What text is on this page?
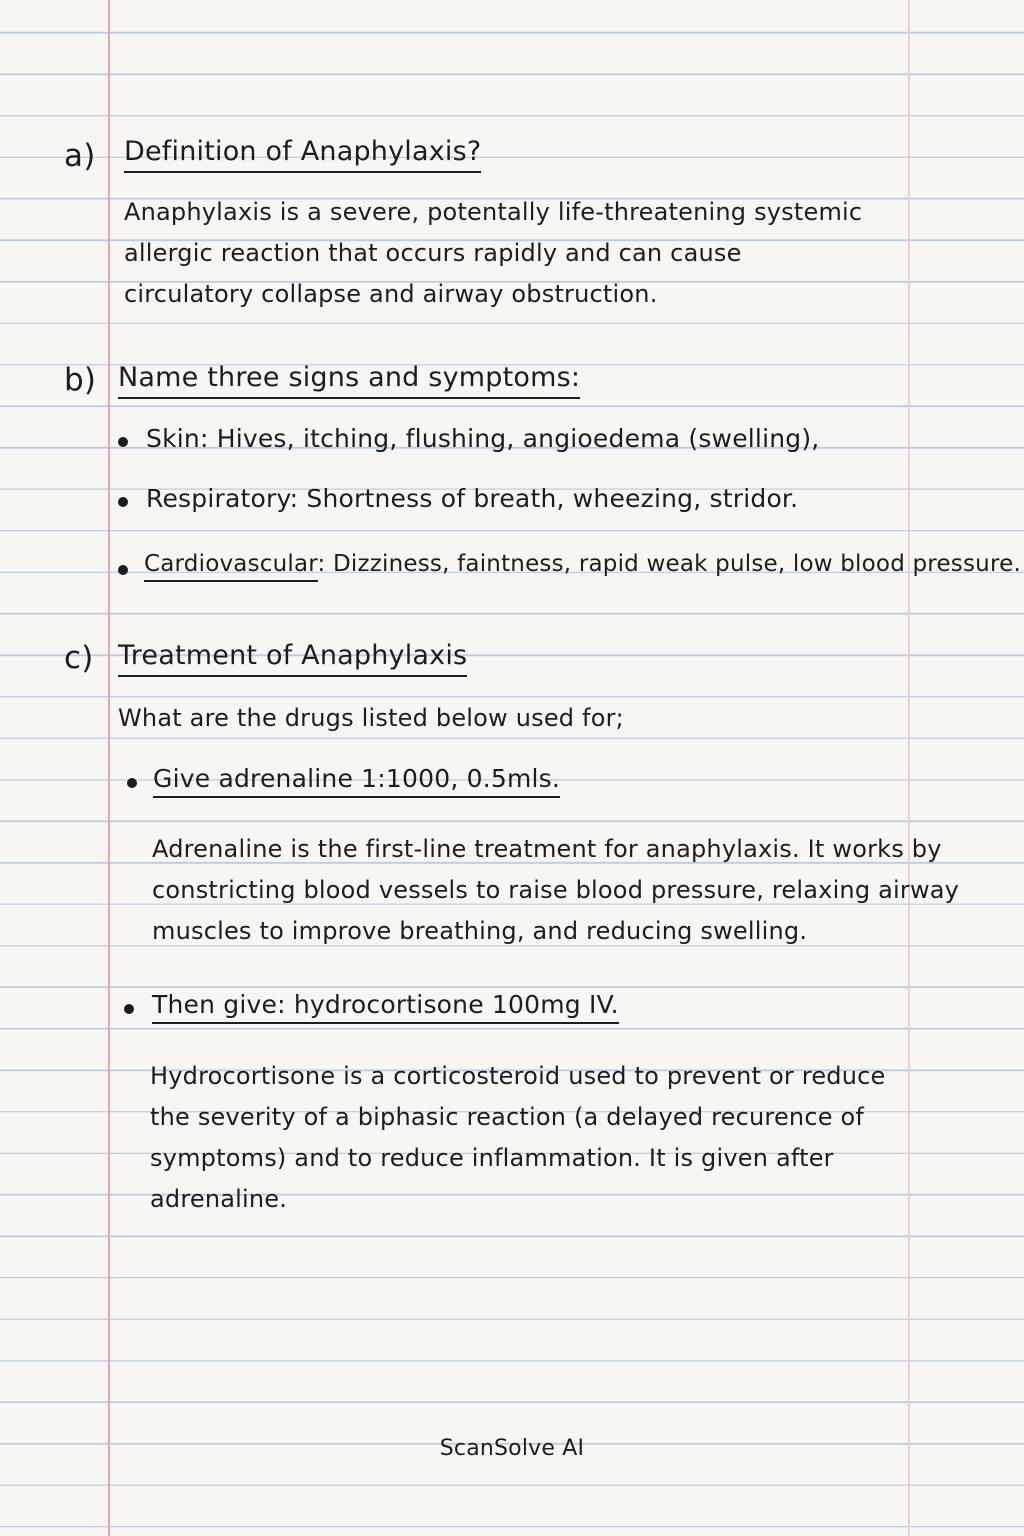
a) Definition of Anaphylaxis?
Anaphylaxis is a severe, potentally life-threatening systemic
allergic reaction that occurs rapidly and can cause
circulatory collapse and airway obstruction.
b) Name three signs and symptoms:
Skin: Hives, itching, flushing, angioedema (swelling),
Respiratory: Shortness of breath, wheezing, stridor.
Cardiovascular: Dizziness, faintness, rapid weak pulse, low blood pressure.
c) Treatment of Anaphylaxis
What are the drugs listed below used for;
Give adrenaline 1:1000, 0.5mls.
Adrenaline is the first-line treatment for anaphylaxis. It works by
constricting blood vessels to raise blood pressure, relaxing airway
muscles to improve breathing, and reducing swelling.
Then give: hydrocortisone 100mg IV.
Hydrocortisone is a corticosteroid used to prevent or reduce
the severity of a biphasic reaction (a delayed recurence of
symptoms) and to reduce inflammation. It is given after
adrenaline.
ScanSolve AI
